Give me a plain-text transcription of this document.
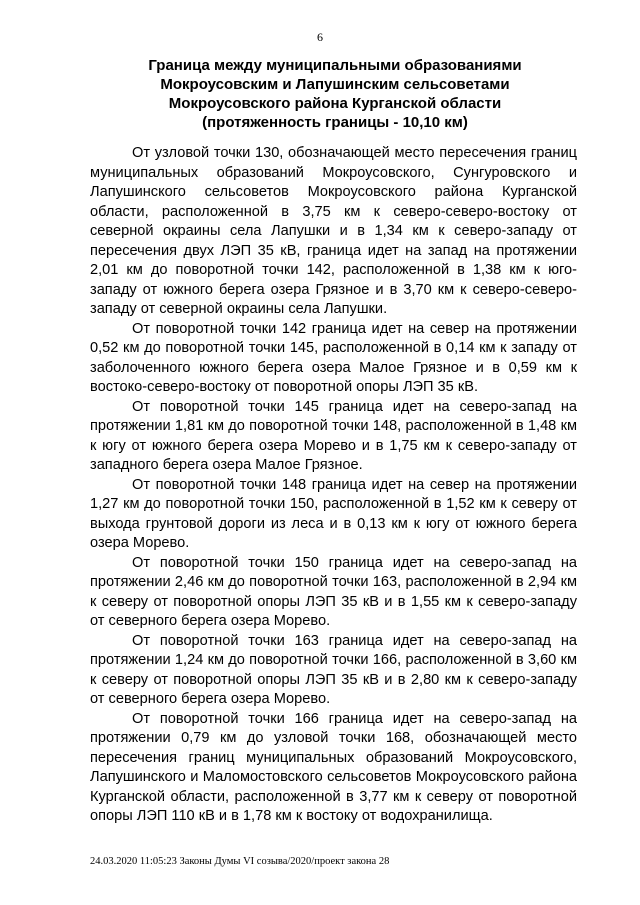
6
Граница между муниципальными образованиями
Мокроусовским и Лапушинским сельсоветами
Мокроусовского района Курганской области
(протяженность границы - 10,10 км)

От узловой точки 130, обозначающей место пересечения границ муниципальных образований Мокроусовского, Сунгуровского и Лапушинского сельсоветов Мокроусовского района Курганской области, расположенной в 3,75 км к северо-северо-востоку от северной окраины села Лапушки и в 1,34 км к северо-западу от пересечения двух ЛЭП 35 кВ, граница идет на запад на протяжении 2,01 км до поворотной точки 142, расположенной в 1,38 км к юго-западу от южного берега озера Грязное и в 3,70 км к северо-северо-западу от северной окраины села Лапушки.

От поворотной точки 142 граница идет на север на протяжении 0,52 км до поворотной точки 145, расположенной в 0,14 км к западу от заболоченного южного берега озера Малое Грязное и в 0,59 км к востоко-северо-востоку от поворотной опоры ЛЭП 35 кВ.

От поворотной точки 145 граница идет на северо-запад на протяжении 1,81 км до поворотной точки 148, расположенной в 1,48 км к югу от южного берега озера Морево и в 1,75 км к северо-западу от западного берега озера Малое Грязное.

От поворотной точки 148 граница идет на север на протяжении 1,27 км до поворотной точки 150, расположенной в 1,52 км к северу от выхода грунтовой дороги из леса и в 0,13 км к югу от южного берега озера Морево.

От поворотной точки 150 граница идет на северо-запад на протяжении 2,46 км до поворотной точки 163, расположенной в 2,94 км к северу от поворотной опоры ЛЭП 35 кВ и в 1,55 км к северо-западу от северного берега озера Морево.

От поворотной точки 163 граница идет на северо-запад на протяжении 1,24 км до поворотной точки 166, расположенной в 3,60 км к северу от поворотной опоры ЛЭП 35 кВ и в 2,80 км к северо-западу от северного берега озера Морево.

От поворотной точки 166 граница идет на северо-запад на протяжении 0,79 км до узловой точки 168, обозначающей место пересечения границ муниципальных образований Мокроусовского, Лапушинского и Маломостовского сельсоветов Мокроусовского района Курганской области, расположенной в 3,77 км к северу от поворотной опоры ЛЭП 110 кВ и в 1,78 км к востоку от водохранилища.

24.03.2020 11:05:23 Законы Думы VI созыва/2020/проект закона 28
